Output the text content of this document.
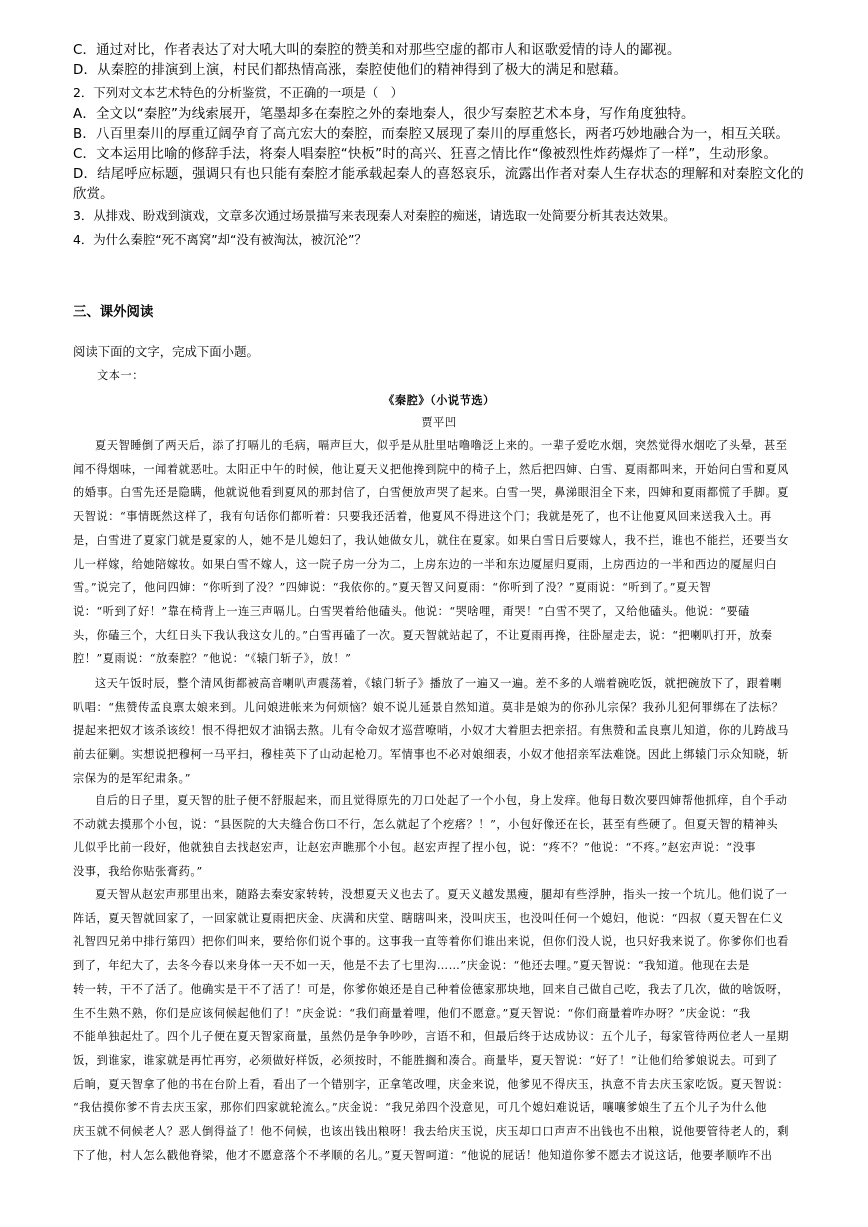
C．通过对比，作者表达了对大吼大叫的秦腔的赞美和对那些空虚的都市人和讴歌爱情的诗人的鄙视。
D．从秦腔的排演到上演，村民们都热情高涨，秦腔使他们的精神得到了极大的满足和慰藉。
2．下列对文本艺术特色的分析鉴赏，不正确的一项是（　）
A．全文以“秦腔”为线索展开，笔墨却多在秦腔之外的秦地秦人，很少写秦腔艺术本身，写作角度独特。
B．八百里秦川的厚重辽阔孕育了高亢宏大的秦腔，而秦腔又展现了秦川的厚重悠长，两者巧妙地融合为一，相互关联。
C．文本运用比喻的修辞手法，将秦人唱秦腔“快板”时的高兴、狂喜之情比作“像被烈性炸药爆炸了一样”，生动形象。
D．结尾呼应标题，强调只有也只能有秦腔才能承载起秦人的喜怒哀乐，流露出作者对秦人生存状态的理解和对秦腔文化的
欣赏。
3．从排戏、盼戏到演戏，文章多次通过场景描写来表现秦人对秦腔的痴迷，请选取一处简要分析其表达效果。
4．为什么秦腔“死不离窝”却“没有被淘汰，被沉沦”？
三、课外阅读
阅读下面的文字，完成下面小题。
文本一：
《秦腔》（小说节选）
贾平凹
夏天智睡倒了两天后，添了打嗝儿的毛病，嗝声巨大，似乎是从肚里咕噜噜泛上来的。一辈子爱吃水烟，突然觉得水烟吃了头晕，甚至
闻不得烟味，一闻着就恶吐。太阳正中午的时候，他让夏天义把他搀到院中的椅子上，然后把四婶、白雪、夏雨都叫来，开始问白雪和夏风
的婚事。白雪先还是隐瞒，他就说他看到夏风的那封信了，白雪便放声哭了起来。白雪一哭，鼻涕眼泪全下来，四婶和夏雨都慌了手脚。夏
天智说：“事情既然这样了，我有句话你们都听着：只要我还活着，他夏风不得进这个门；我就是死了，也不让他夏风回来送我入土。再
是，白雪进了夏家门就是夏家的人，她不是儿媳妇了，我认她做女儿，就住在夏家。如果白雪日后要嫁人，我不拦，谁也不能拦，还要当女
儿一样嫁，给她陪嫁妆。如果白雪不嫁人，这一院子房一分为二，上房东边的一半和东边厦屋归夏雨，上房西边的一半和西边的厦屋归白
雪。”说完了，他问四婶：“你听到了没？”四婶说：“我依你的。”夏天智又问夏雨：“你听到了没？”夏雨说：“听到了。”夏天智
说：“听到了好！”靠在椅背上一连三声嗝儿。白雪哭着给他磕头。他说：“哭啥哩，甭哭！”白雪不哭了，又给他磕头。他说：“要磕
头，你磕三个，大红日头下我认我这女儿的。”白雪再磕了一次。夏天智就站起了，不让夏雨再搀，往卧屋走去，说：“把喇叭打开，放秦
腔！”夏雨说：“放秦腔？”他说：“《辕门斩子》，放！”
这天午饭时辰，整个清风街都被高音喇叭声震荡着，《辕门斩子》播放了一遍又一遍。差不多的人端着碗吃饭，就把碗放下了，跟着喇
叭唱：“焦赞传孟良禀太娘来到。儿问娘进帐来为何烦恼？娘不说儿延景自然知道。莫非是娘为的你孙儿宗保？我孙儿犯何罪绑在了法标？
提起来把奴才该杀该绞！恨不得把奴才油锅去熬。儿有令命奴才巡营嘹哨，小奴才大着胆去把亲招。有焦赞和孟良禀儿知道，你的儿跨战马
前去征剿。实想说把穆柯一马平扫，穆桂英下了山动起枪刀。军情事也不必对娘细表，小奴才他招亲军法难饶。因此上绑辕门示众知晓，斩
宗保为的是军纪肃条。”
自后的日子里，夏天智的肚子便不舒服起来，而且觉得原先的刀口处起了一个小包，身上发痒。他每日数次要四婶帮他抓痒，自个手动
不动就去摸那个小包，说：“县医院的大夫缝合伤口不行，怎么就起了个疙瘩？！”，小包好像还在长，甚至有些硬了。但夏天智的精神头
儿似乎比前一段好，他就独自去找赵宏声，让赵宏声瞧那个小包。赵宏声捏了捏小包，说：“疼不？”他说：“不疼。”赵宏声说：“没事
没事，我给你贴张膏药。”
夏天智从赵宏声那里出来，随路去秦安家转转，没想夏天义也去了。夏天义越发黑瘦，腿却有些浮肿，指头一按一个坑儿。他们说了一
阵话，夏天智就回家了，一回家就让夏雨把庆金、庆满和庆堂、瞎瞎叫来，没叫庆玉，也没叫任何一个媳妇，他说：“四叔（夏天智在仁义
礼智四兄弟中排行第四）把你们叫来，要给你们说个事的。这事我一直等着你们谁出来说，但你们没人说，也只好我来说了。你爹你们也看
到了，年纪大了，去冬今春以来身体一天不如一天，他是不去了七里沟……”庆金说：“他还去哩。”夏天智说：“我知道。他现在去是
转一转，干不了活了。他确实是干不了活了！可是，你爹你娘还是自己种着俭德家那块地，回来自己做自己吃，我去了几次，做的啥饭呀，
生不生熟不熟，你们是应该伺候起他们了！”庆金说：“我们商量着哩，他们不愿意。”夏天智说：“你们商量着咋办呀？”庆金说：“我
不能单独起灶了。四个儿子便在夏天智家商量，虽然仍是争争吵吵，言语不和，但最后终于达成协议：五个儿子，每家管待两位老人一星期
饭，到谁家，谁家就是再忙再穷，必须做好样饭，必须按时，不能胜搁和凑合。商量毕，夏天智说：“好了！”让他们给爹娘说去。可到了
后晌，夏天智拿了他的书在台阶上看，看出了一个错别字，正拿笔改哩，庆金来说，他爹见不得庆玉，执意不肯去庆玉家吃饭。夏天智说：
“我估摸你爹不肯去庆玉家，那你们四家就轮流么。”庆金说：“我兄弟四个没意见，可几个媳妇难说话，嚷嚷爹娘生了五个儿子为什么他
庆玉就不伺候老人？恶人倒得益了！他不伺候，也该出钱出粮呀！我去给庆玉说，庆玉却口口声声不出钱也不出粮，说他要管待老人的，剩
下了他，村人怎么戳他脊梁，他才不愿意落个不孝顺的名儿。”夏天智呵道：“他说的屁话！他知道你爹不愿去才说这话，他要孝顺咋不出
